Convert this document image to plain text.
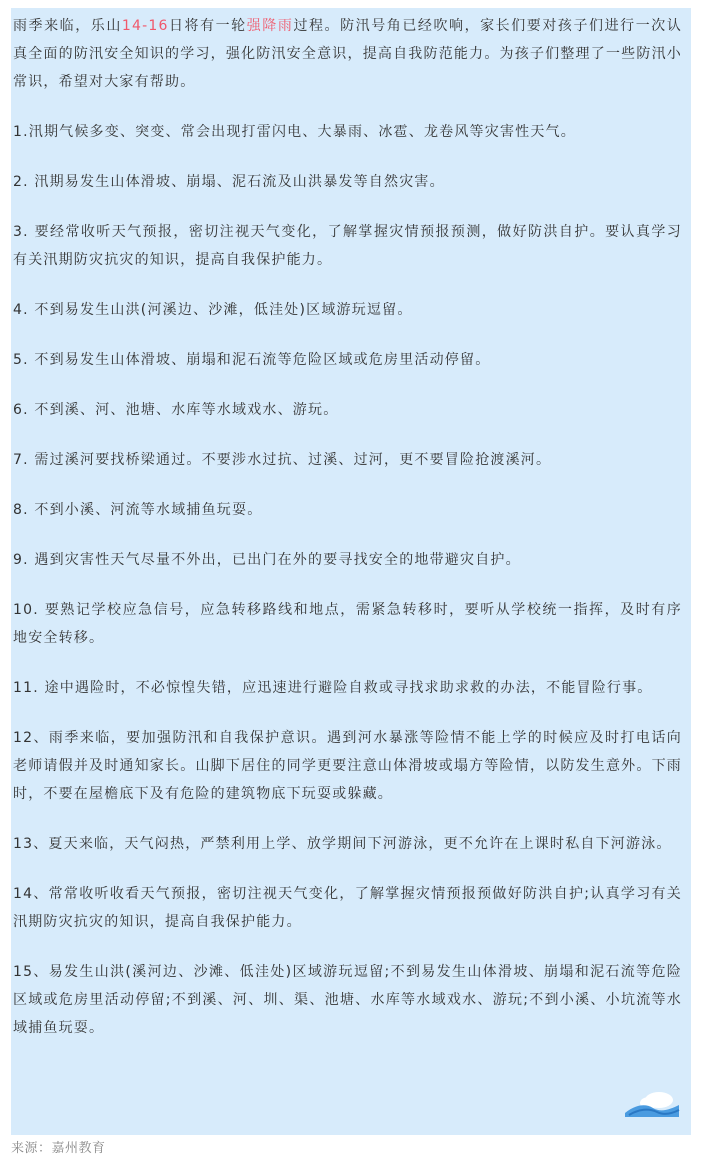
雨季来临，乐山14-16日将有一轮强降雨过程。防汛号角已经吹响，家长们要对孩子们进行一次认真全面的防汛安全知识的学习，强化防汛安全意识，提高自我防范能力。为孩子们整理了一些防汛小常识，希望对大家有帮助。

1.汛期气候多变、突变、常会出现打雷闪电、大暴雨、冰雹、龙卷风等灾害性天气。

2. 汛期易发生山体滑坡、崩塌、泥石流及山洪暴发等自然灾害。

3. 要经常收听天气预报，密切注视天气变化，了解掌握灾情预报预测，做好防洪自护。要认真学习有关汛期防灾抗灾的知识，提高自我保护能力。

4. 不到易发生山洪(河溪边、沙滩，低洼处)区域游玩逗留。

5. 不到易发生山体滑坡、崩塌和泥石流等危险区域或危房里活动停留。

6. 不到溪、河、池塘、水库等水域戏水、游玩。

7. 需过溪河要找桥梁通过。不要涉水过抗、过溪、过河，更不要冒险抢渡溪河。

8. 不到小溪、河流等水域捕鱼玩耍。

9. 遇到灾害性天气尽量不外出，已出门在外的要寻找安全的地带避灾自护。

10. 要熟记学校应急信号，应急转移路线和地点，需紧急转移时，要听从学校统一指挥，及时有序地安全转移。

11. 途中遇险时，不必惊惶失错，应迅速进行避险自救或寻找求助求救的办法，不能冒险行事。

12、雨季来临，要加强防汛和自我保护意识。遇到河水暴涨等险情不能上学的时候应及时打电话向老师请假并及时通知家长。山脚下居住的同学更要注意山体滑坡或塌方等险情，以防发生意外。下雨时，不要在屋檐底下及有危险的建筑物底下玩耍或躲藏。

13、夏天来临，天气闷热，严禁利用上学、放学期间下河游泳，更不允许在上课时私自下河游泳。

14、常常收听收看天气预报，密切注视天气变化，了解掌握灾情预报预做好防洪自护;认真学习有关汛期防灾抗灾的知识，提高自我保护能力。

15、易发生山洪(溪河边、沙滩、低洼处)区域游玩逗留;不到易发生山体滑坡、崩塌和泥石流等危险区域或危房里活动停留;不到溪、河、圳、渠、池塘、水库等水域戏水、游玩;不到小溪、小坑流等水域捕鱼玩耍。

来源：嘉州教育
